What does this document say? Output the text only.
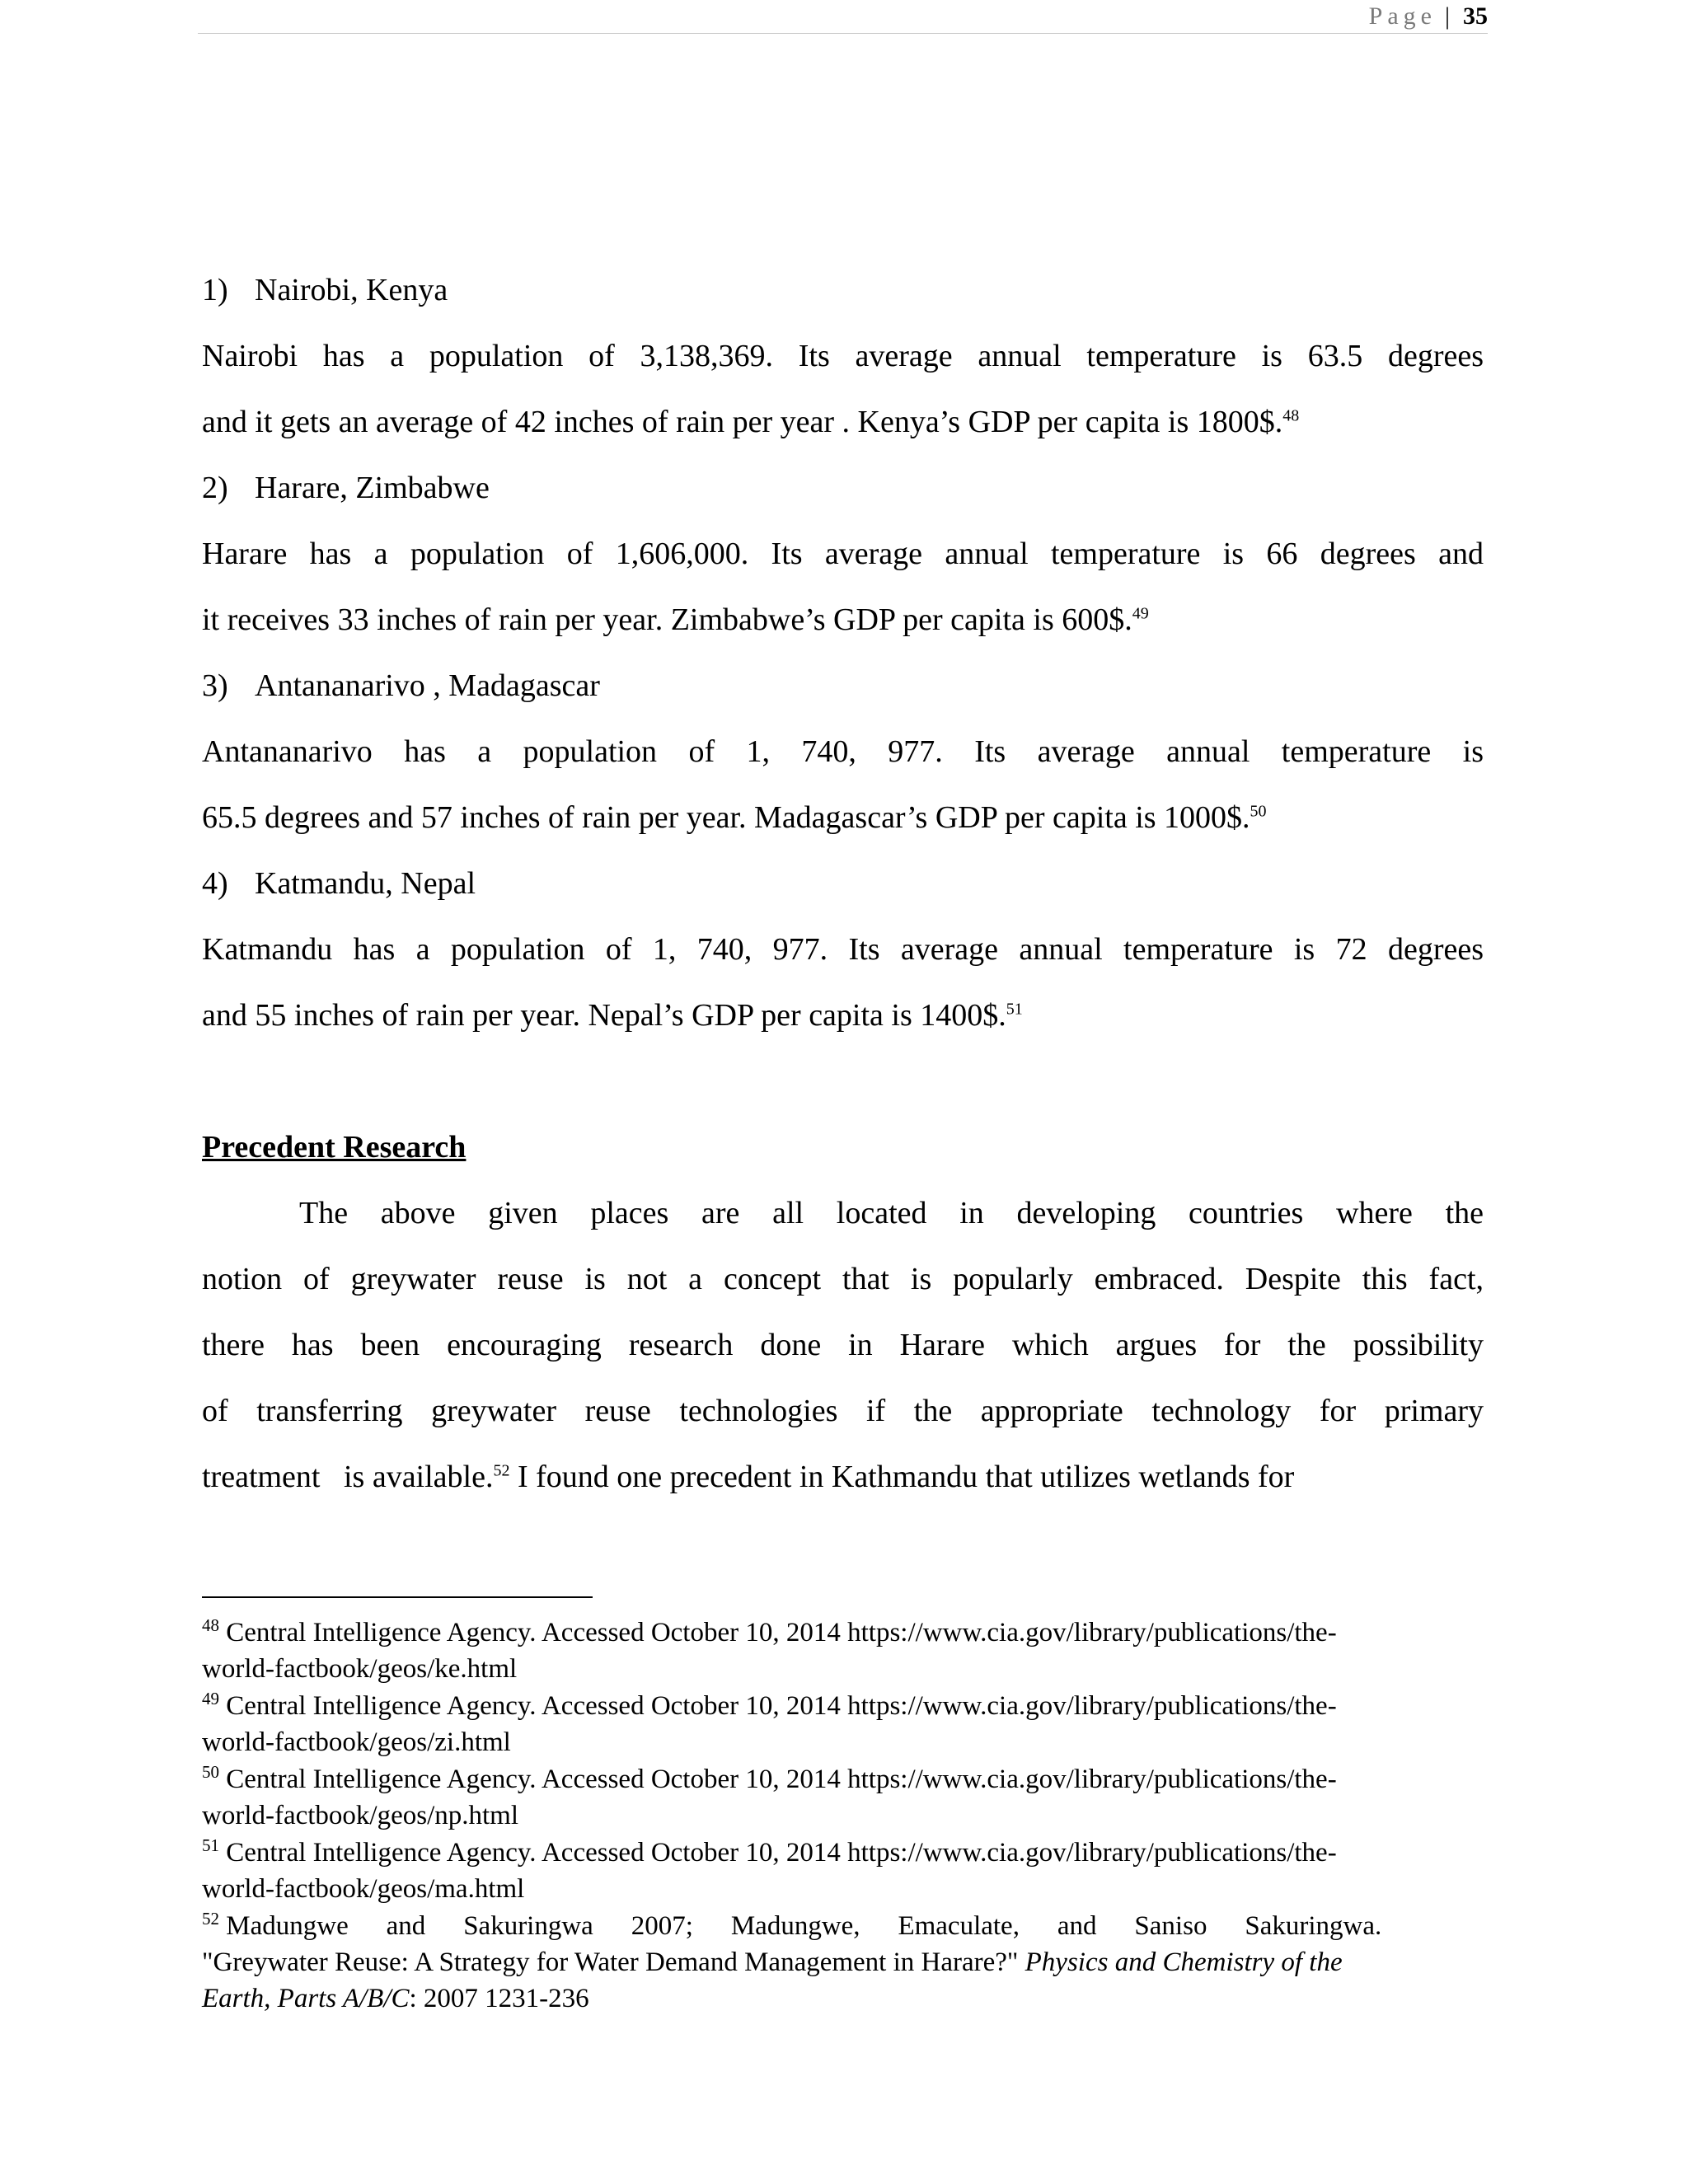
Page | 35
1) Nairobi, Kenya
Nairobi has a population of 3,138,369. Its average annual temperature is 63.5 degrees
and it gets an average of 42 inches of rain per year . Kenya’s GDP per capita is 1800$.$^{48}$
2) Harare, Zimbabwe
Harare has a population of 1,606,000. Its average annual temperature is 66 degrees and
it receives 33 inches of rain per year. Zimbabwe’s GDP per capita is 600$.$^{49}$
3) Antananarivo , Madagascar
Antananarivo has a population of 1, 740, 977. Its average annual temperature is
65.5 degrees and 57 inches of rain per year. Madagascar’s GDP per capita is 1000$.$^{50}$
4) Katmandu, Nepal
Katmandu has a population of 1, 740, 977. Its average annual temperature is 72 degrees
and 55 inches of rain per year. Nepal’s GDP per capita is 1400$.$^{51}$
Precedent Research
The above given places are all located in developing countries where the
notion of greywater reuse is not a concept that is popularly embraced. Despite this fact,
there has been encouraging research done in Harare which argues for the possibility
of transferring greywater reuse technologies if the appropriate technology for primary
treatment   is available.$^{52}$ I found one precedent in Kathmandu that utilizes wetlands for
$^{48}$ Central Intelligence Agency. Accessed October 10, 2014 https://www.cia.gov/library/publications/the-
world-factbook/geos/ke.html
$^{49}$ Central Intelligence Agency. Accessed October 10, 2014 https://www.cia.gov/library/publications/the-
world-factbook/geos/zi.html
$^{50}$ Central Intelligence Agency. Accessed October 10, 2014 https://www.cia.gov/library/publications/the-
world-factbook/geos/np.html
$^{51}$ Central Intelligence Agency. Accessed October 10, 2014 https://www.cia.gov/library/publications/the-
world-factbook/geos/ma.html
$^{52}$ Madungwe and Sakuringwa 2007; Madungwe, Emaculate, and Saniso Sakuringwa.
"Greywater Reuse: A Strategy for Water Demand Management in Harare?" Physics and Chemistry of the
Earth, Parts A/B/C: 2007 1231-236
